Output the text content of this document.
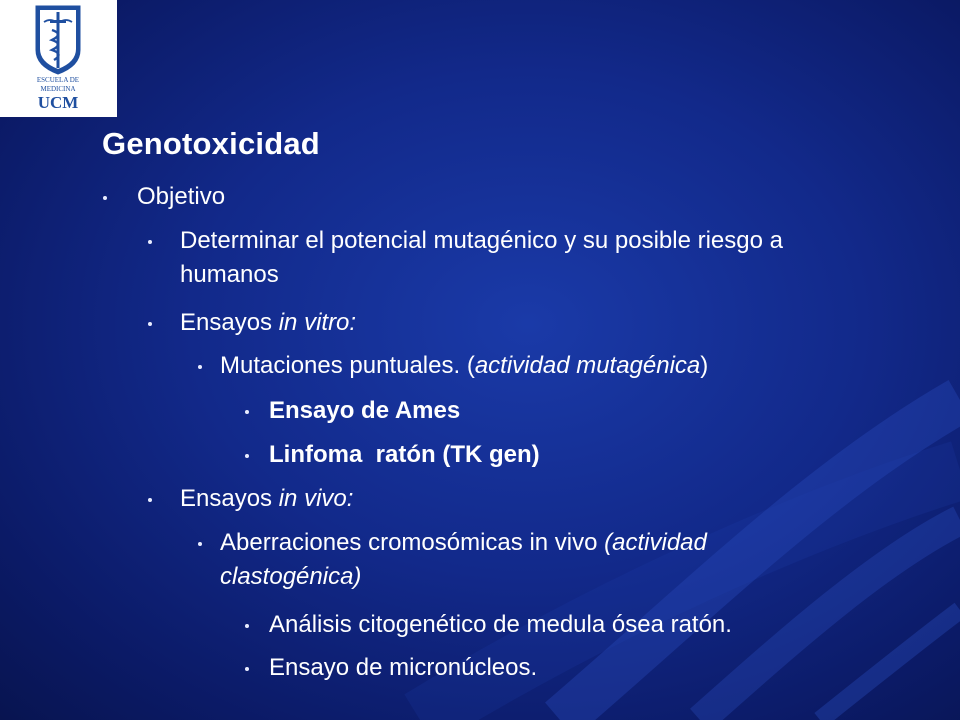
ESCUELA DE
MEDICINA
UCM
Genotoxicidad
Objetivo
Determinar el potencial mutagénico y su posible riesgo a
humanos
Ensayos in vitro:
Mutaciones puntuales. (actividad mutagénica)
Ensayo de Ames
Linfoma  ratón (TK gen)
Ensayos in vivo:
Aberraciones cromosómicas in vivo (actividad
clastogénica)
Análisis citogenético de medula ósea ratón.
Ensayo de micronúcleos.
